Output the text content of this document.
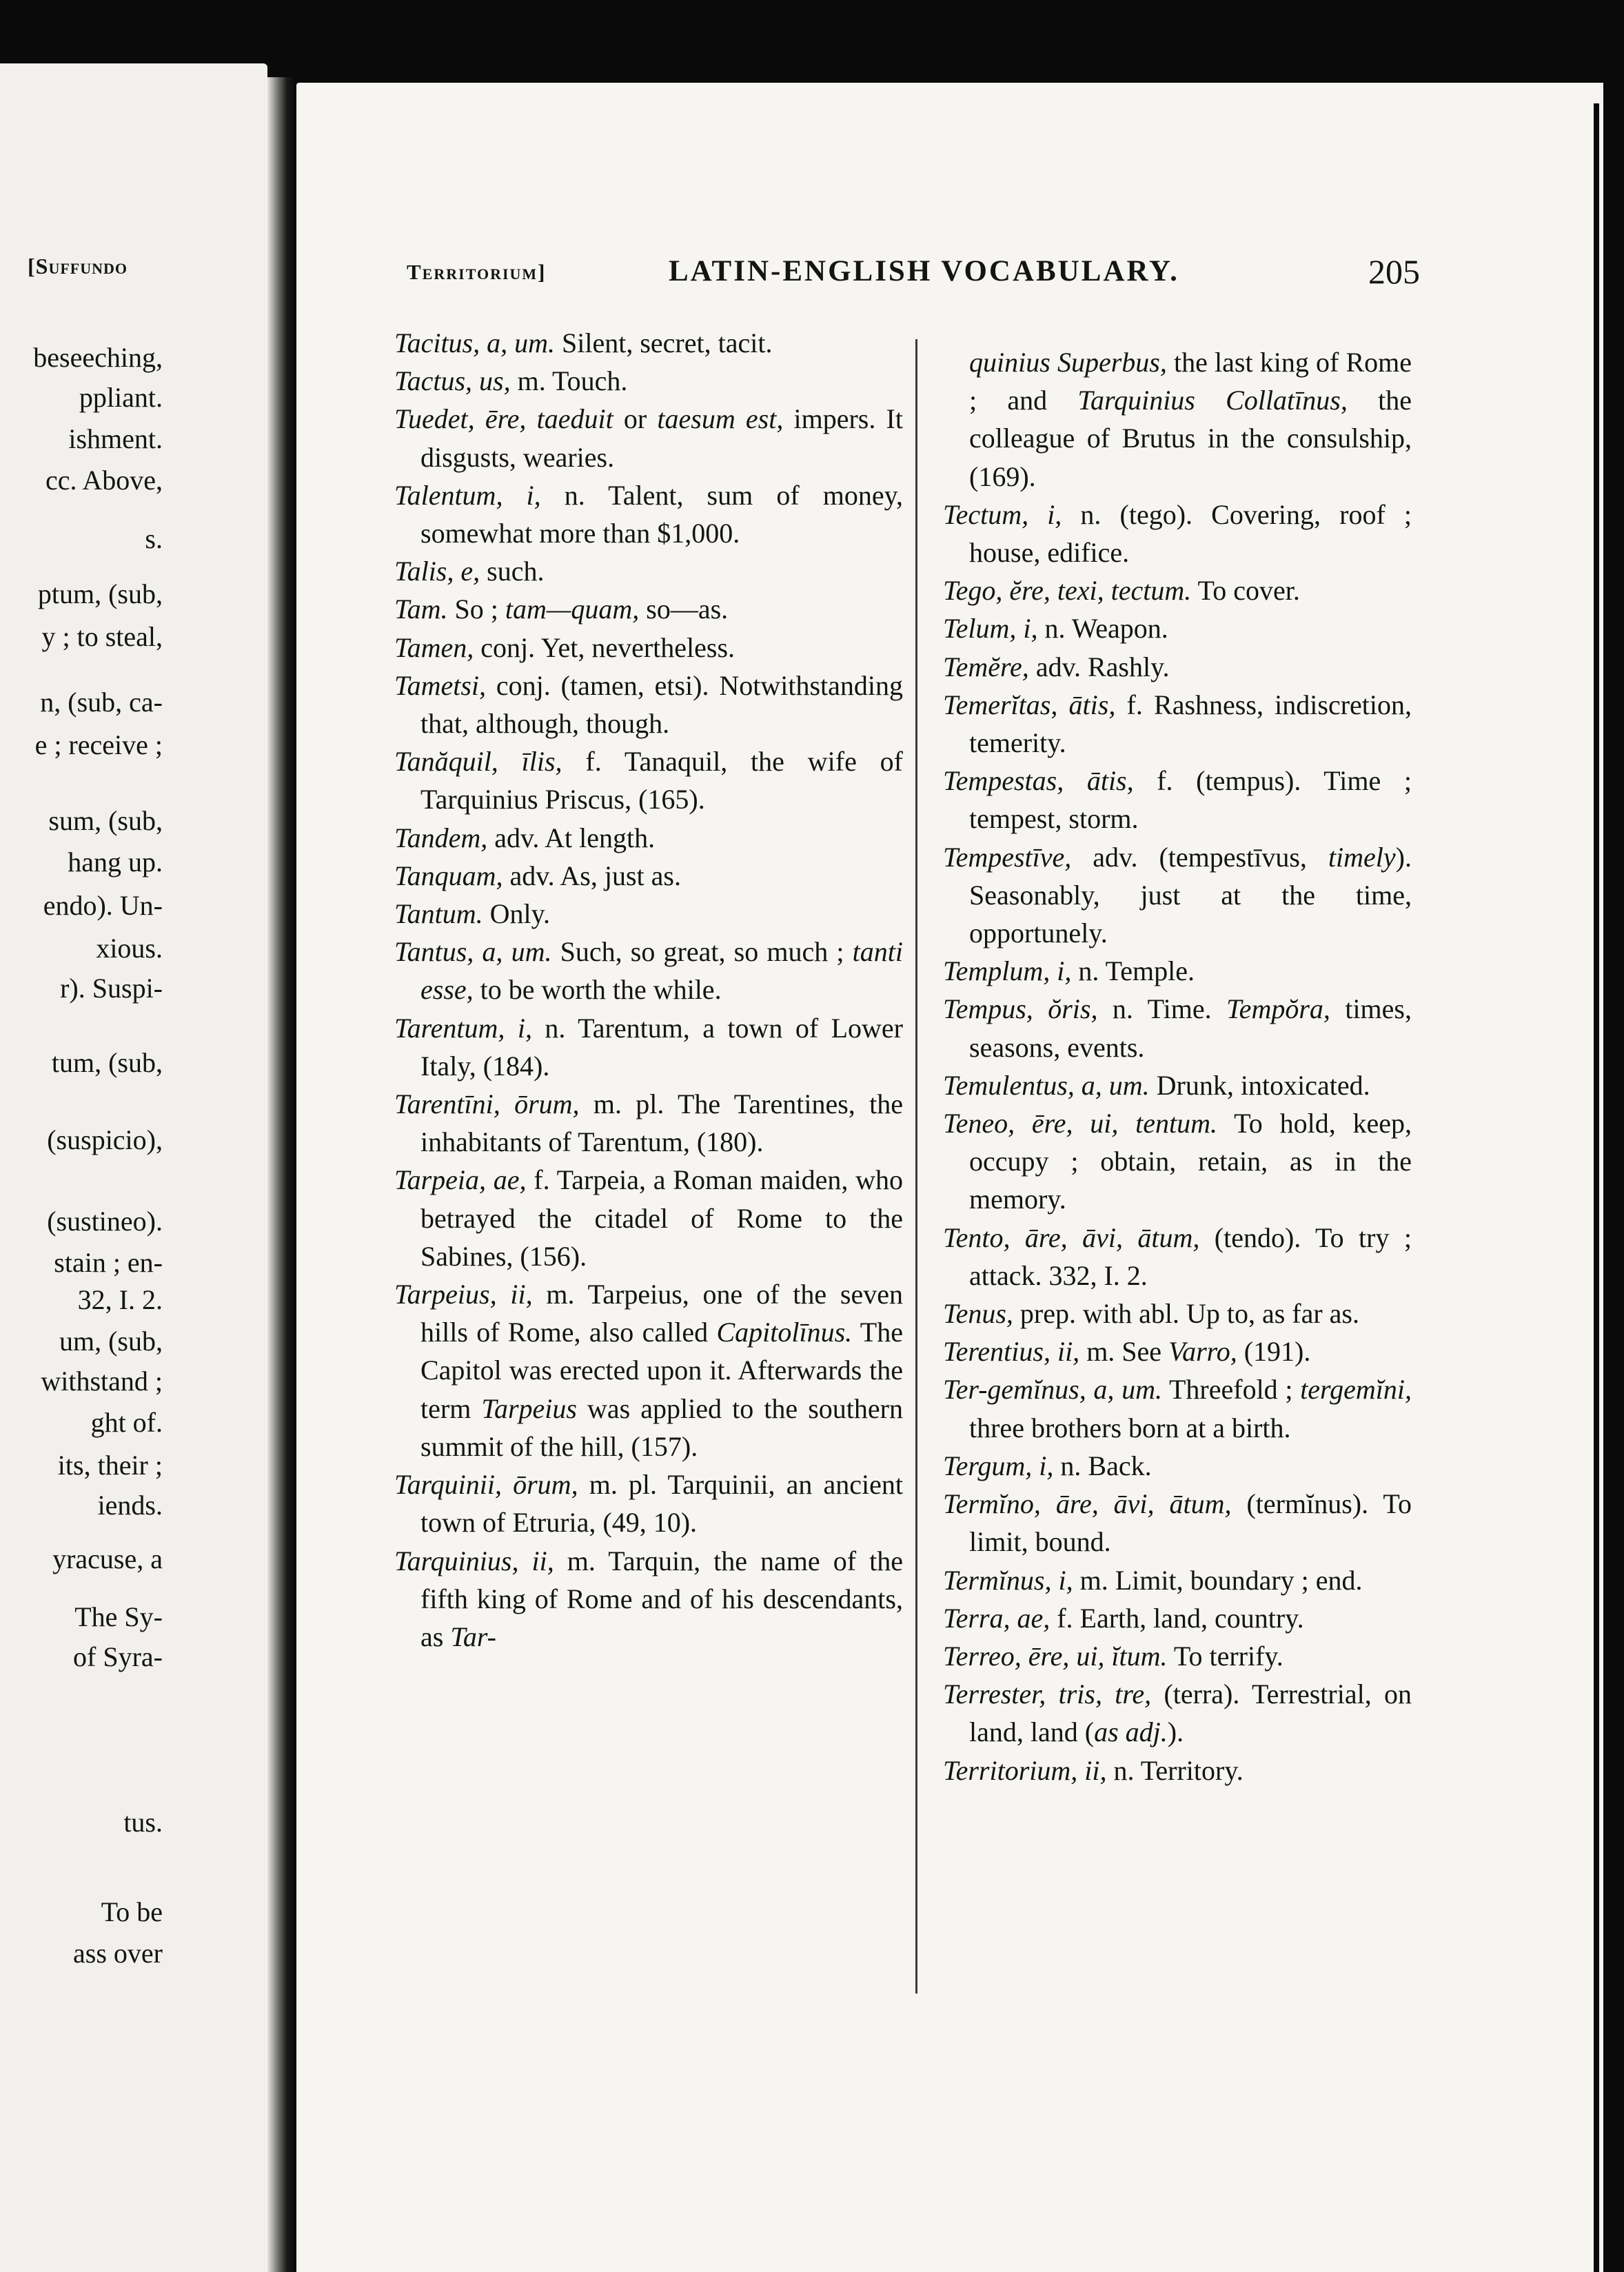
[Suffundo
beseeching,
ppliant.
ishment.
cc. Above,
s.
ptum, (sub,
y ; to steal,
n, (sub, ca-
e ; receive ;
sum, (sub,
hang up.
endo). Un-
xious.
r). Suspi-
tum, (sub,
(suspicio),
(sustineo).
stain ; en-
32, I. 2.
um, (sub,
withstand ;
ght of.
its, their ;
iends.
yracuse, a
The Sy-
of Syra-
tus.
To be
ass over
Territorium]	LATIN-ENGLISH VOCABULARY.	205

Tacitus, a, um. Silent, secret, tacit.

Tactus, us, m. Touch.

Tuedet, ēre, taeduit or taesum est, impers. It disgusts, wearies.

Talentum, i, n. Talent, sum of money, somewhat more than $1,000.

Talis, e, such.

Tam. So ; tam—quam, so—as.

Tamen, conj. Yet, nevertheless.

Tametsi, conj. (tamen, etsi). Notwithstanding that, although, though.

Tanăquil, īlis, f. Tanaquil, the wife of Tarquinius Priscus, (165).

Tandem, adv. At length.

Tanquam, adv. As, just as.

Tantum. Only.

Tantus, a, um. Such, so great, so much ; tanti esse, to be worth the while.

Tarentum, i, n. Tarentum, a town of Lower Italy, (184).

Tarentīni, ōrum, m. pl. The Tarentines, the inhabitants of Tarentum, (180).

Tarpeia, ae, f. Tarpeia, a Roman maiden, who betrayed the citadel of Rome to the Sabines, (156).

Tarpeius, ii, m. Tarpeius, one of the seven hills of Rome, also called Capitolīnus. The Capitol was erected upon it. Afterwards the term Tarpeius was applied to the southern summit of the hill, (157).

Tarquinii, ōrum, m. pl. Tarquinii, an ancient town of Etruria, (49, 10).

Tarquinius, ii, m. Tarquin, the name of the fifth king of Rome and of his descendants, as Tar-

quinius Superbus, the last king of Rome ; and Tarquinius Collatīnus, the colleague of Brutus in the consulship, (169).

Tectum, i, n. (tego). Covering, roof ; house, edifice.

Tego, ĕre, texi, tectum. To cover.

Telum, i, n. Weapon.

Temĕre, adv. Rashly.

Temerĭtas, ātis, f. Rashness, indiscretion, temerity.

Tempestas, ātis, f. (tempus). Time ; tempest, storm.

Tempestīve, adv. (tempestīvus, timely). Seasonably, just at the time, opportunely.

Templum, i, n. Temple.

Tempus, ŏris, n. Time. Tempŏra, times, seasons, events.

Temulentus, a, um. Drunk, intoxicated.

Teneo, ēre, ui, tentum. To hold, keep, occupy ; obtain, retain, as in the memory.

Tento, āre, āvi, ātum, (tendo). To try ; attack. 332, I. 2.

Tenus, prep. with abl. Up to, as far as.

Terentius, ii, m. See Varro, (191).

Ter-gemĭnus, a, um. Threefold ; tergemĭni, three brothers born at a birth.

Tergum, i, n. Back.

Termĭno, āre, āvi, ātum, (termĭnus). To limit, bound.

Termĭnus, i, m. Limit, boundary ; end.

Terra, ae, f. Earth, land, country.

Terreo, ēre, ui, ĭtum. To terrify.

Terrester, tris, tre, (terra). Terrestrial, on land, land (as adj.).

Territorium, ii, n. Territory.
